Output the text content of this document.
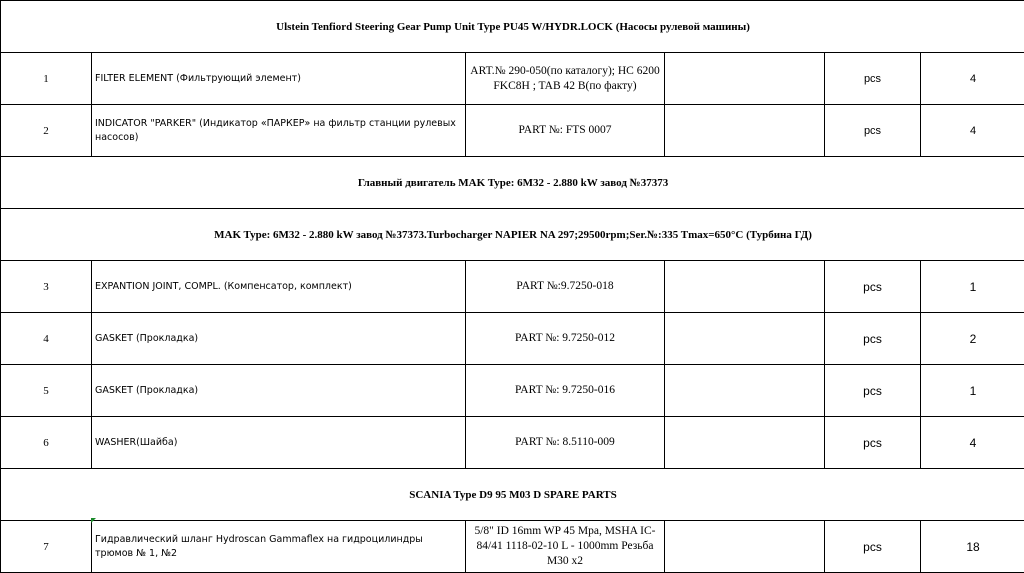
Ulstein Tenfiord Steering Gear Pump Unit Type PU45 W/HYDR.LOCK (Насосы рулевой машины)					
1	FILTER ELEMENT (Фильтрующий элемент)	ART.№ 290-050(по каталогу); HC 6200 FKC8H ; TAB 42 B(по факту)		pcs	4
2	INDICATOR "PARKER" (Индикатор «ПАРКЕР» на фильтр станции рулевых насосов)	PART №: FTS 0007		pcs	4
Главный двигатель MAK Type: 6M32 - 2.880 kW завод №37373					
MAK Type: 6M32 - 2.880 kW завод №37373.Turbocharger NAPIER NA 297;29500rpm;Ser.№:335 Tmax=650°C (Турбина ГД)					
3	EXPANTION JOINT, COMPL. (Компенсатор, комплект)	PART №:9.7250-018		pcs	1
4	GASKET (Прокладка)	PART №: 9.7250-012		pcs	2
5	GASKET (Прокладка)	PART №: 9.7250-016		pcs	1
6	WASHER(Шайба)	PART №: 8.5110-009		pcs	4
SCANIA Type D9 95 M03 D SPARE PARTS					
7	Гидравлический шланг Hydroscan Gammaflex на гидроцилиндры трюмов № 1, №2	5/8" ID 16mm WP 45 Mpa, MSHA IC-84/41 1118-02-10 L - 1000mm Резьба М30 x2		pcs	18
